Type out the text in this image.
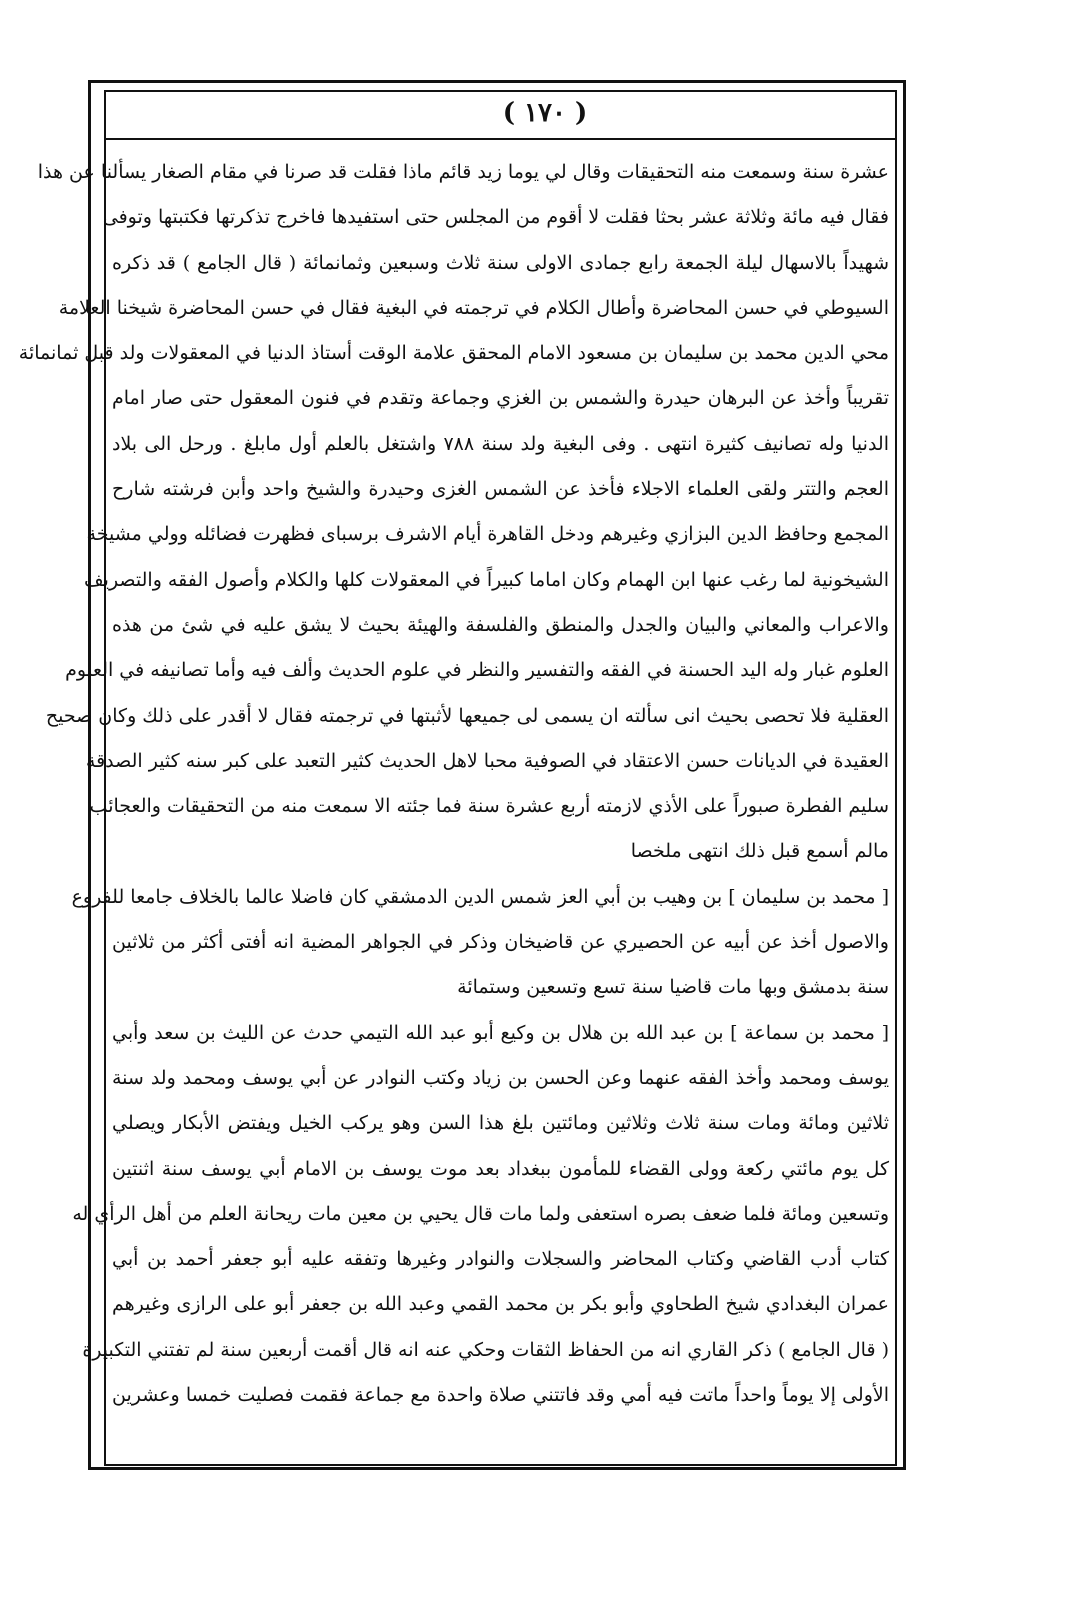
( ١٧٠ )
عشرة سنة وسمعت منه التحقيقات وقال لي يوما زيد قائم ماذا فقلت قد صرنا في مقام الصغار يسألنا عن هذا
فقال فيه مائة وثلاثة عشر بحثا فقلت لا أقوم من المجلس حتى استفيدها فاخرج تذكرتها فكتبتها وتوفى
شهيداً بالاسهال ليلة الجمعة رابع جمادى الاولى سنة ثلاث وسبعين وثمانمائة ( قال الجامع ) قد ذكره
السيوطي في حسن المحاضرة وأطال الكلام في ترجمته في البغية فقال في حسن المحاضرة شيخنا العلامة
محي الدين محمد بن سليمان بن مسعود الامام المحقق علامة الوقت أستاذ الدنيا في المعقولات ولد قبل ثمانمائة
تقريباً وأخذ عن البرهان حيدرة والشمس بن الغزي وجماعة وتقدم في فنون المعقول حتى صار امام
الدنيا وله تصانيف كثيرة انتهى . وفى البغية ولد سنة ٧٨٨ واشتغل بالعلم أول مابلغ . ورحل الى بلاد
العجم والتتر ولقى العلماء الاجلاء فأخذ عن الشمس الغزى وحيدرة والشيخ واحد وأبن فرشته شارح
المجمع وحافظ الدين البزازي وغيرهم ودخل القاهرة أيام الاشرف برسباى فظهرت فضائله وولي مشيخة
الشيخونية لما رغب عنها ابن الهمام وكان اماما كبيراً في المعقولات كلها والكلام وأصول الفقه والتصريف
والاعراب والمعاني والبيان والجدل والمنطق والفلسفة والهيئة بحيث لا يشق عليه في شئ من هذه
العلوم غبار وله اليد الحسنة في الفقه والتفسير والنظر في علوم الحديث وألف فيه وأما تصانيفه في العلوم
العقلية فلا تحصى بحيث انى سألته ان يسمى لى جميعها لأثبتها في ترجمته فقال لا أقدر على ذلك وكان صحيح
العقيدة في الديانات حسن الاعتقاد في الصوفية محبا لاهل الحديث كثير التعبد على كبر سنه كثير الصدقة
سليم الفطرة صبوراً على الأذي لازمته أربع عشرة سنة فما جئته الا سمعت منه من التحقيقات والعجائب
مالم أسمع قبل ذلك انتهى ملخصا
[ محمد بن سليمان ] بن وهيب بن أبي العز شمس الدين الدمشقي كان فاضلا عالما بالخلاف جامعا للفروع
والاصول أخذ عن أبيه عن الحصيري عن قاضيخان وذكر في الجواهر المضية انه أفتى أكثر من ثلاثين
سنة بدمشق وبها مات قاضيا سنة تسع وتسعين وستمائة
[ محمد بن سماعة ] بن عبد الله بن هلال بن وكيع أبو عبد الله التيمي حدث عن الليث بن سعد وأبي
يوسف ومحمد وأخذ الفقه عنهما وعن الحسن بن زياد وكتب النوادر عن أبي يوسف ومحمد ولد سنة
ثلاثين ومائة ومات سنة ثلاث وثلاثين ومائتين بلغ هذا السن وهو يركب الخيل ويفتض الأبكار ويصلي
كل يوم مائتي ركعة وولى القضاء للمأمون ببغداد بعد موت يوسف بن الامام أبي يوسف سنة اثنتين
وتسعين ومائة فلما ضعف بصره استعفى ولما مات قال يحيي بن معين مات ريحانة العلم من أهل الرأي له
كتاب أدب القاضي وكتاب المحاضر والسجلات والنوادر وغيرها وتفقه عليه أبو جعفر أحمد بن أبي
عمران البغدادي شيخ الطحاوي وأبو بكر بن محمد القمي وعبد الله بن جعفر أبو على الرازى وغيرهم
( قال الجامع ) ذكر القاري انه من الحفاظ الثقات وحكي عنه انه قال أقمت أربعين سنة لم تفتني التكبيرة
الأولى إلا يوماً واحداً ماتت فيه أمي وقد فاتتني صلاة واحدة مع جماعة فقمت فصليت خمسا وعشرين
